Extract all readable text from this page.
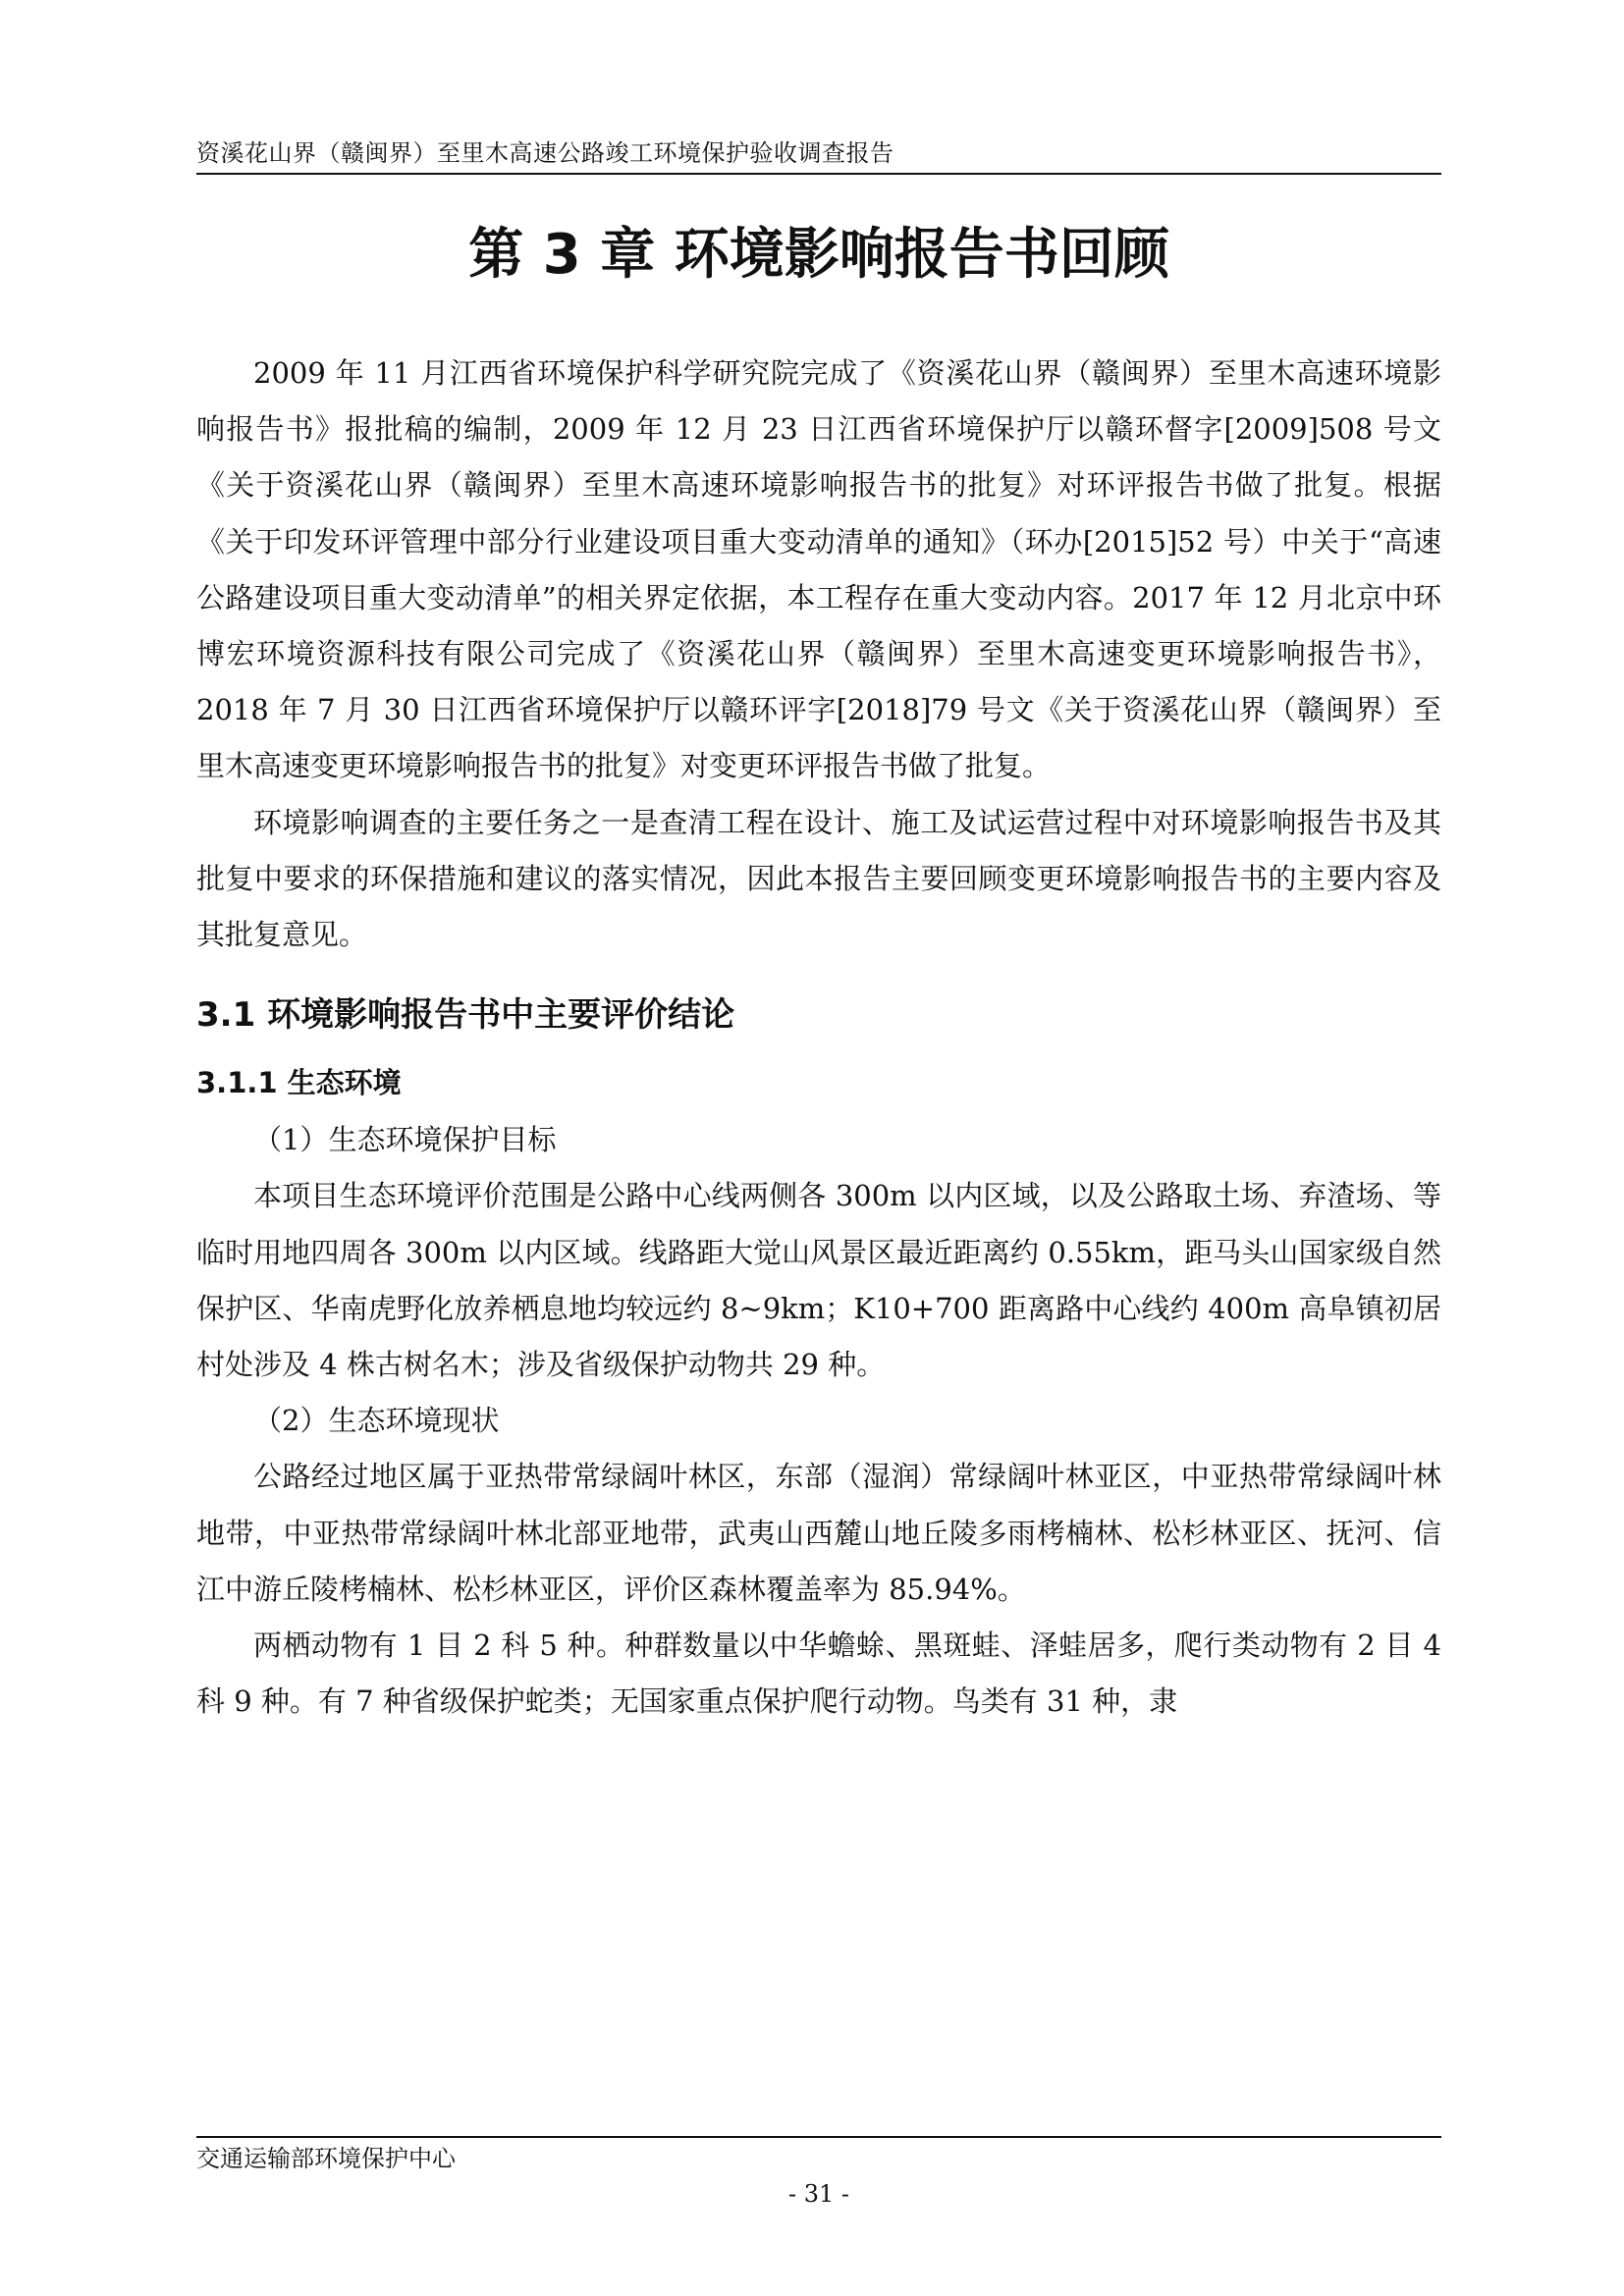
资溪花山界（赣闽界）至里木高速公路竣工环境保护验收调查报告
第 3 章 环境影响报告书回顾

2009 年 11 月江西省环境保护科学研究院完成了《资溪花山界（赣闽界）至里木高速环境影响报告书》报批稿的编制，2009 年 12 月 23 日江西省环境保护厅以赣环督字[2009]508 号文《关于资溪花山界（赣闽界）至里木高速环境影响报告书的批复》对环评报告书做了批复。根据《关于印发环评管理中部分行业建设项目重大变动清单的通知》（环办[2015]52 号）中关于“高速公路建设项目重大变动清单”的相关界定依据，本工程存在重大变动内容。2017 年 12 月北京中环博宏环境资源科技有限公司完成了《资溪花山界（赣闽界）至里木高速变更环境影响报告书》，2018 年 7 月 30 日江西省环境保护厅以赣环评字[2018]79 号文《关于资溪花山界（赣闽界）至里木高速变更环境影响报告书的批复》对变更环评报告书做了批复。

环境影响调查的主要任务之一是查清工程在设计、施工及试运营过程中对环境影响报告书及其批复中要求的环保措施和建议的落实情况，因此本报告主要回顾变更环境影响报告书的主要内容及其批复意见。

3.1 环境影响报告书中主要评价结论
3.1.1 生态环境

（1）生态环境保护目标

本项目生态环境评价范围是公路中心线两侧各 300m 以内区域，以及公路取土场、弃渣场、等临时用地四周各 300m 以内区域。线路距大觉山风景区最近距离约 0.55km，距马头山国家级自然保护区、华南虎野化放养栖息地均较远约 8~9km；K10+700 距离路中心线约 400m 高阜镇初居村处涉及 4 株古树名木；涉及省级保护动物共 29 种。

（2）生态环境现状

公路经过地区属于亚热带常绿阔叶林区，东部（湿润）常绿阔叶林亚区，中亚热带常绿阔叶林地带，中亚热带常绿阔叶林北部亚地带，武夷山西麓山地丘陵多雨栲楠林、松杉林亚区、抚河、信江中游丘陵栲楠林、松杉林亚区，评价区森林覆盖率为 85.94%。

两栖动物有 1 目 2 科 5 种。种群数量以中华蟾蜍、黑斑蛙、泽蛙居多，爬行类动物有 2 目 4 科 9 种。有 7 种省级保护蛇类；无国家重点保护爬行动物。鸟类有 31 种，隶

交通运输部环境保护中心
- 31 -
